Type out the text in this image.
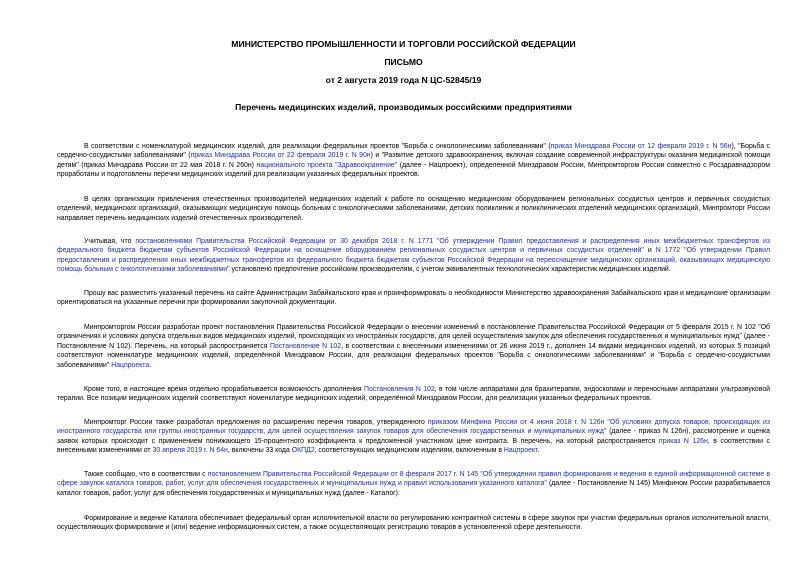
МИНИСТЕРСТВО ПРОМЫШЛЕННОСТИ И ТОРГОВЛИ РОССИЙСКОЙ ФЕДЕРАЦИИ
ПИСЬМО
от 2 августа 2019 года N ЦС-52845/19
Перечень медицинских изделий, производимых российскими предприятиями

В соответствии с номенклатурой медицинских изделий, для реализации федеральных проектов "Борьба с онкологическими заболеваниями" (приказ Минздрава России от 12 февраля 2019 г. N 56н), "Борьба с сердечно-сосудистыми заболеваниями" (приказ Минздрава России от 22 февраля 2019 г. N 90н) и "Развитие детского здравоохранения, включая создание современной инфраструктуры оказания медицинской помощи детям" (приказ Минздрава России от 22 мая 2018 г. N 260н) национального проекта "Здравоохранение" (далее - Нацпроект), определенной Минздравом России, Минпромторгом России совместно с Росздравнадзором проработаны и подготовлены перечни медицинских изделий для реализации указанных федеральных проектов.

В целях организации привлечения отечественных производителей медицинских изделий к работе по оснащению медицинским оборудованием региональных сосудистых центров и первичных сосудистых отделений, медицинских организаций, оказывающих медицинскую помощь больным с онкологическими заболеваниями, детских поликлиник и поликлинических отделений медицинских организаций, Минпромторг России направляет перечень медицинских изделий отечественных производителей.

Учитывая, что постановлениями Правительства Российской Федерации от 30 декабря 2018 г. N 1771 "Об утверждении Правил предоставления и распределения иных межбюджетных трансфертов из федерального бюджета бюджетам субъектов Российской Федерации на оснащение оборудованием региональных сосудистых центров и первичных сосудистых отделений" и N 1772 "Об утверждении Правил предоставления и распределения иных межбюджетных трансфертов из федерального бюджета бюджетам субъектов Российской Федерации на переоснащение медицинских организаций, оказывающих медицинскую помощь больным с онкологическими заболеваниями" установлено предпочтение российским производителям, с учетом эквивалентных технологических характеристик медицинских изделий.

Прошу вас разместить указанный перечень на сайте Администрации Забайкальского края и проинформировать о необходимости Министерство здравоохранения Забайкальского края и медицинские организации ориентироваться на указанные перечни при формировании закупочной документации.

Минпромторгом России разработан проект постановления Правительства Российской Федерации о внесении изменений в постановление Правительства Российской Федерации от 5 февраля 2015 г. N 102 "Об ограничениях и условиях допуска отдельных видов медицинских изделий, происходящих из иностранных государств, для целей осуществления закупок для обеспечения государственных и муниципальных нужд" (далее - Постановление N 102). Перечень, на который распространяется Постановление N 102, в соответствии с внесенными изменениями от 26 июня 2019 г., дополнен 14 видами медицинских изделий, из которых 5 позиций соответствуют номенклатуре медицинских изделий, определённой Минздравом России, для реализации федеральных проектов "Борьба с онкологическими заболеваниями" и "Борьба с сердечно-сосудистыми заболеваниями" Нацпроекта.

Кроме того, в настоящее время отдельно прорабатывается возможность дополнения Постановления N 102, в том числе аппаратами для брахитерапии, эндоскопами и переносными аппаратами ультразвуковой терапии. Все позиции медицинских изделий соответствуют номенклатуре медицинских изделий, определённой Минздравом России, для реализации указанных федеральных проектов.

Минпромторг России также разработал предложения по расширению перечня товаров, утвержденного приказом Минфина России от 4 июня 2018 г. N 126н "Об условиях допуска товаров, происходящих из иностранного государства или группы иностранных государств, для целей осуществления закупок товаров для обеспечения государственных и муниципальных нужд" (далее - приказ N 126н), рассмотрение и оценка заявок которых происходит с применением понижающего 15-процентного коэффициента к предложенной участником цене контракта. В перечень, на который распространяется приказ N 126н, в соответствии с внесенными изменениями от 30 апреля 2019 г. N 64н, включены 33 кода ОКПД2, соответствующих медицинским изделиям, включенным в Нацпроект.

Также сообщаю, что в соответствии с постановлением Правительства Российской Федерации от 8 февраля 2017 г. N 145 "Об утверждении правил формирования и ведения в единой информационной системе в сфере закупок каталога товаров, работ, услуг для обеспечения государственных и муниципальных нужд и правил использования указанного каталога" (далее - Постановление N 145) Минфином России разрабатывается каталог товаров, работ, услуг для обеспечения государственных и муниципальных нужд (далее - Каталог).

Формирование и ведение Каталога обеспечивает федеральный орган исполнительной власти по регулированию контрактной системы в сфере закупок при участии федеральных органов исполнительной власти, осуществляющих формирование и (или) ведение информационных систем, а также осуществляющих регистрацию товаров в установленной сфере деятельности.
